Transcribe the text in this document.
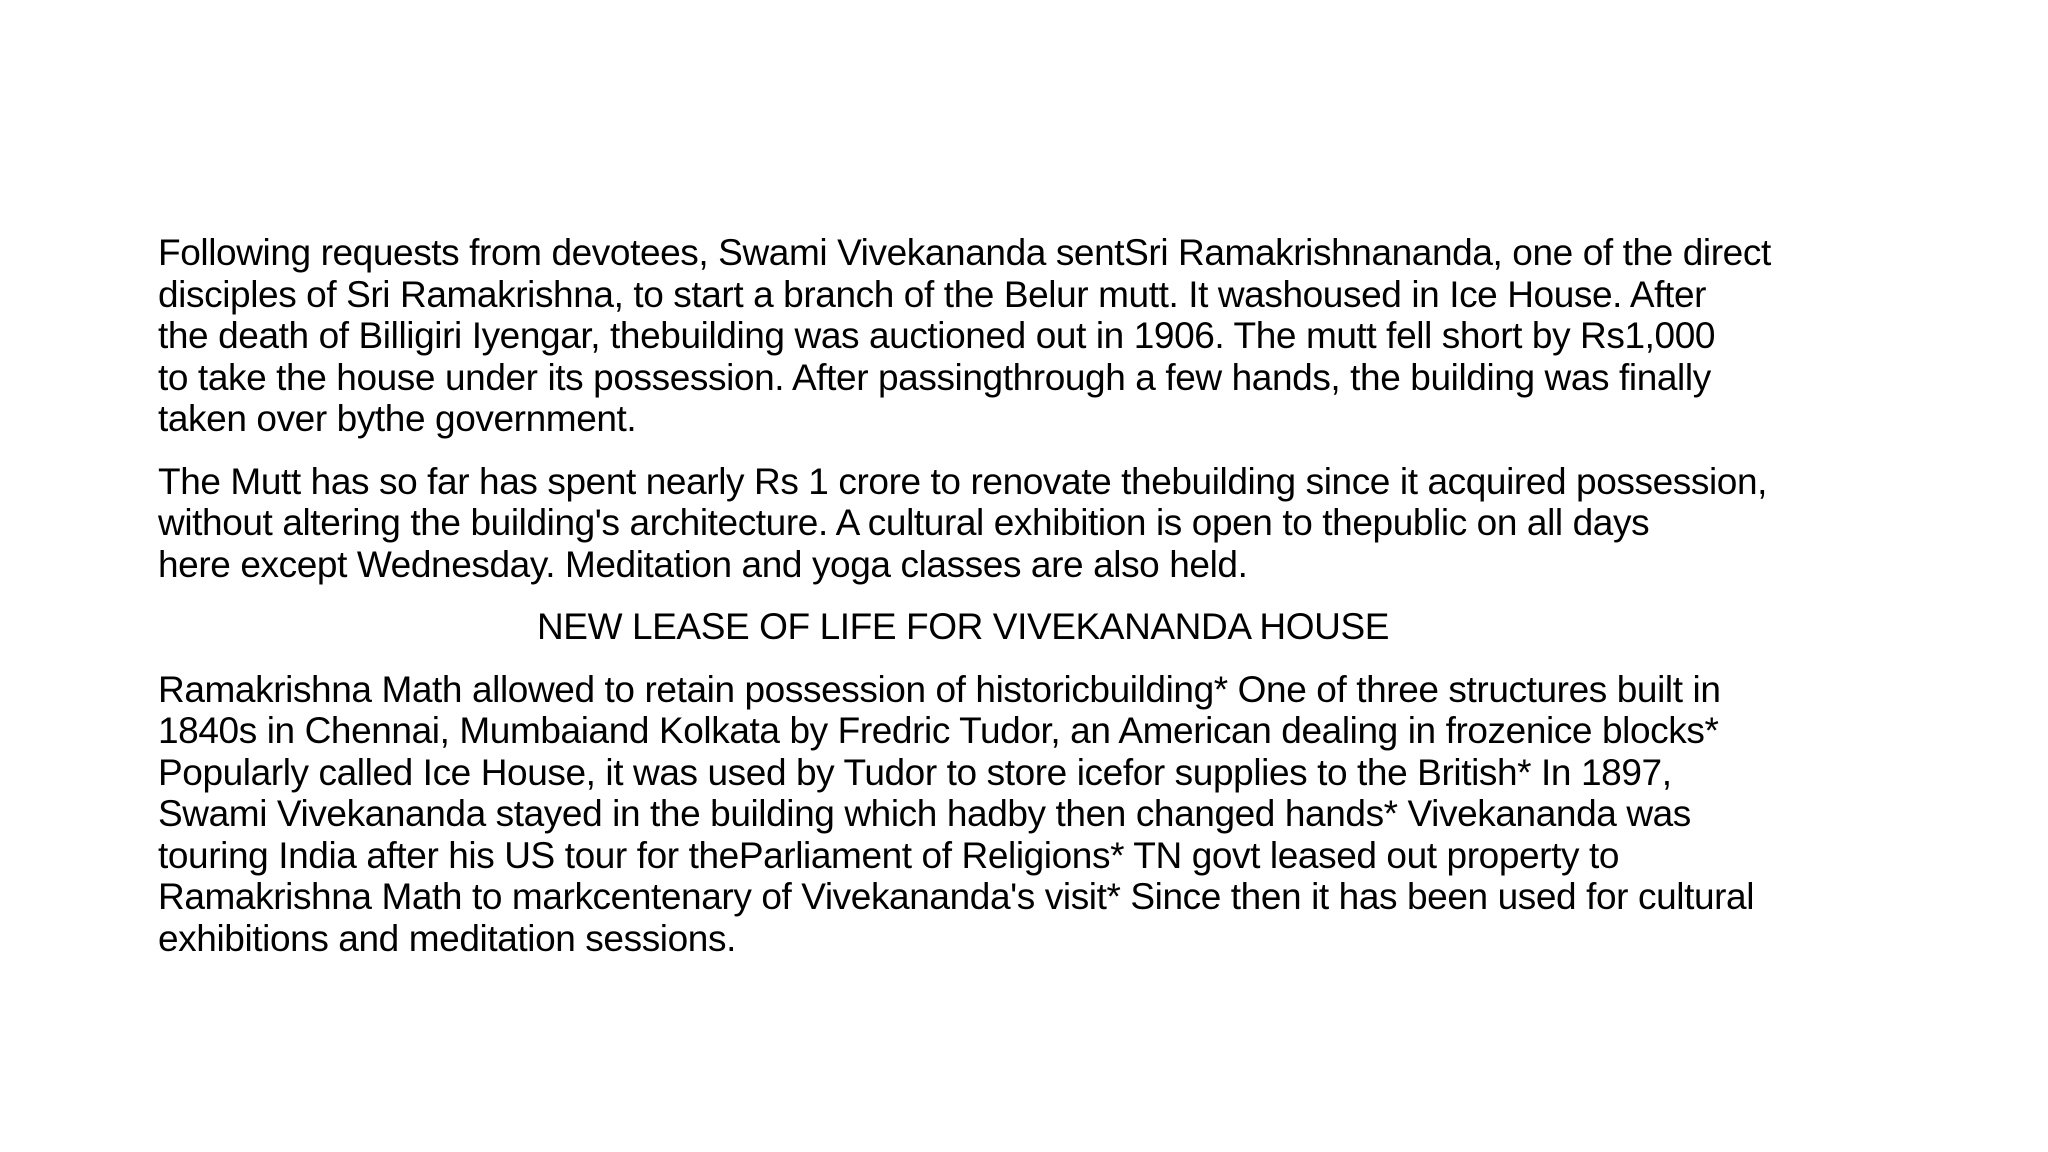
Following requests from devotees, Swami Vivekananda sentSri Ramakrishnananda, one of the direct
disciples of Sri Ramakrishna, to start a branch of the Belur mutt. It washoused in Ice House. After
the death of Billigiri Iyengar, thebuilding was auctioned out in 1906. The mutt fell short by Rs1,000
to take the house under its possession. After passingthrough a few hands, the building was finally
taken over bythe government.

The Mutt has so far has spent nearly Rs 1 crore to renovate thebuilding since it acquired possession,
without altering the building's architecture. A cultural exhibition is open to thepublic on all days
here except Wednesday. Meditation and yoga classes are also held.

NEW LEASE OF LIFE FOR VIVEKANANDA HOUSE

Ramakrishna Math allowed to retain possession of historicbuilding* One of three structures built in
1840s in Chennai, Mumbaiand Kolkata by Fredric Tudor, an American dealing in frozenice blocks*
Popularly called Ice House, it was used by Tudor to store icefor supplies to the British* In 1897,
Swami Vivekananda stayed in the building which hadby then changed hands* Vivekananda was
touring India after his US tour for theParliament of Religions* TN govt leased out property to
Ramakrishna Math to markcentenary of Vivekananda's visit* Since then it has been used for cultural
exhibitions and meditation sessions.
